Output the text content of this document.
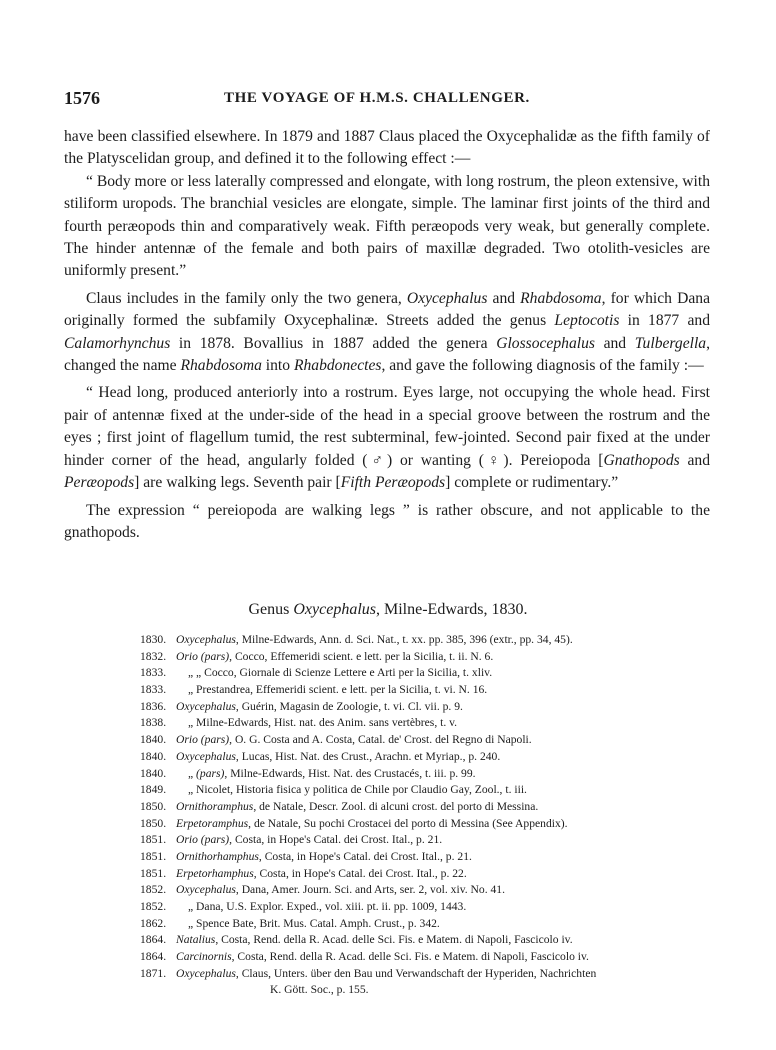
1576	THE VOYAGE OF H.M.S. CHALLENGER.

have been classified elsewhere. In 1879 and 1887 Claus placed the Oxycephalidæ as the fifth family of the Platyscelidan group, and defined it to the following effect :—

“ Body more or less laterally compressed and elongate, with long rostrum, the pleon extensive, with stiliform uropods. The branchial vesicles are elongate, simple. The laminar first joints of the third and fourth peræopods thin and comparatively weak. Fifth peræopods very weak, but generally complete. The hinder antennæ of the female and both pairs of maxillæ degraded. Two otolith-vesicles are uniformly present.”

Claus includes in the family only the two genera, Oxycephalus and Rhabdosoma, for which Dana originally formed the subfamily Oxycephalinæ. Streets added the genus Leptocotis in 1877 and Calamorhynchus in 1878. Bovallius in 1887 added the genera Glossocephalus and Tulbergella, changed the name Rhabdosoma into Rhabdonectes, and gave the following diagnosis of the family :—

“ Head long, produced anteriorly into a rostrum. Eyes large, not occupying the whole head. First pair of antennæ fixed at the under-side of the head in a special groove between the rostrum and the eyes ; first joint of flagellum tumid, the rest subterminal, few-jointed. Second pair fixed at the under hinder corner of the head, angularly folded (♂) or wanting (♀). Pereiopoda [Gnathopods and Peræopods] are walking legs. Seventh pair [Fifth Peræopods] complete or rudimentary.”

The expression “ pereiopoda are walking legs ” is rather obscure, and not applicable to the gnathopods.

Genus Oxycephalus, Milne-Edwards, 1830.
1830. Oxycephalus, Milne-Edwards, Ann. d. Sci. Nat., t. xx. pp. 385, 396 (extr., pp. 34, 45).
1832. Orio (pars), Cocco, Effemeridi scient. e lett. per la Sicilia, t. ii. N. 6.
1833. „ „ Cocco, Giornale di Scienze Lettere e Arti per la Sicilia, t. xliv.
1833. „ Prestandrea, Effemeridi scient. e lett. per la Sicilia, t. vi. N. 16.
1836. Oxycephalus, Guérin, Magasin de Zoologie, t. vi. Cl. vii. p. 9.
1838. „ Milne-Edwards, Hist. nat. des Anim. sans vertèbres, t. v.
1840. Orio (pars), O. G. Costa and A. Costa, Catal. de' Crost. del Regno di Napoli.
1840. Oxycephalus, Lucas, Hist. Nat. des Crust., Arachn. et Myriap., p. 240.
1840. „ (pars), Milne-Edwards, Hist. Nat. des Crustacés, t. iii. p. 99.
1849. „ Nicolet, Historia fisica y politica de Chile por Claudio Gay, Zool., t. iii.
1850. Ornithoramphus, de Natale, Descr. Zool. di alcuni crost. del porto di Messina.
1850. Erpetoramphus, de Natale, Su pochi Crostacei del porto di Messina (See Appendix).
1851. Orio (pars), Costa, in Hope's Catal. dei Crost. Ital., p. 21.
1851. Ornithorhamphus, Costa, in Hope's Catal. dei Crost. Ital., p. 21.
1851. Erpetorhamphus, Costa, in Hope's Catal. dei Crost. Ital., p. 22.
1852. Oxycephalus, Dana, Amer. Journ. Sci. and Arts, ser. 2, vol. xiv. No. 41.
1852. „ Dana, U.S. Explor. Exped., vol. xiii. pt. ii. pp. 1009, 1443.
1862. „ Spence Bate, Brit. Mus. Catal. Amph. Crust., p. 342.
1864. Natalius, Costa, Rend. della R. Acad. delle Sci. Fis. e Matem. di Napoli, Fascicolo iv.
1864. Carcinornis, Costa, Rend. della R. Acad. delle Sci. Fis. e Matem. di Napoli, Fascicolo iv.
1871. Oxycephalus, Claus, Unters. über den Bau und Verwandschaft der Hyperiden, Nachrichten
K. Gött. Soc., p. 155.
